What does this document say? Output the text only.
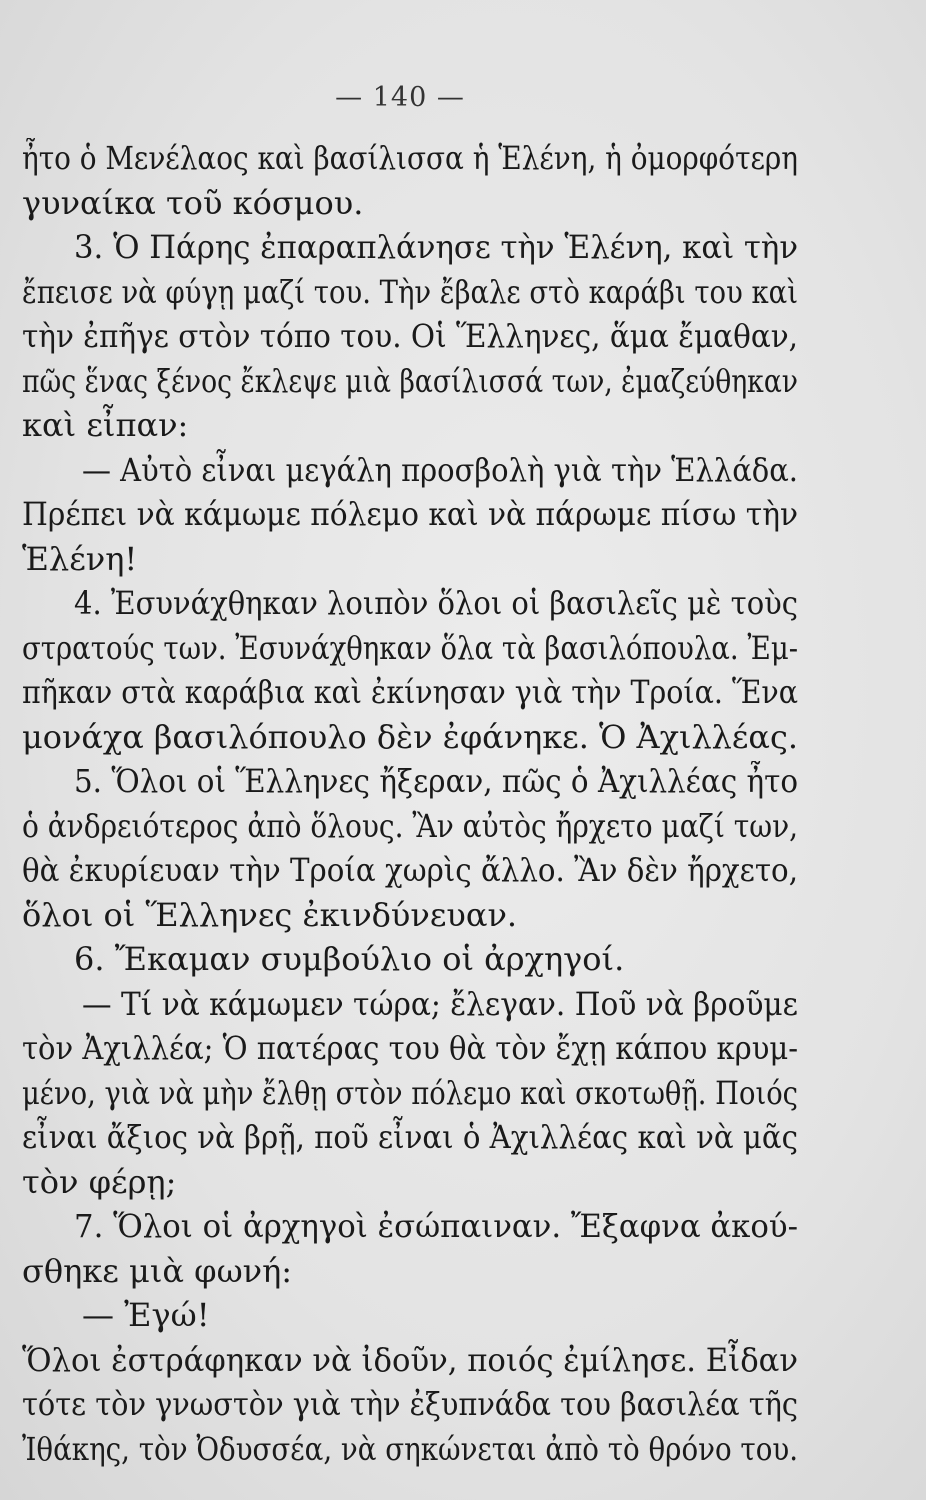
— 140 —
ἦτο ὁ Μενέλαος καὶ βασίλισσα ἡ Ἑλένη, ἡ ὀμορφότερη
γυναίκα τοῦ κόσμου.
3. Ὁ Πάρης ἐπαραπλάνησε τὴν Ἑλένη, καὶ τὴν
ἔπεισε νὰ φύγῃ μαζί του. Τὴν ἔβαλε στὸ καράβι του καὶ
τὴν ἐπῆγε στὸν τόπο του. Οἱ Ἕλληνες, ἅμα ἔμαθαν,
πῶς ἕνας ξένος ἔκλεψε μιὰ βασίλισσά των, ἐμαζεύθηκαν
καὶ εἶπαν:
— Αὐτὸ εἶναι μεγάλη προσβολὴ γιὰ τὴν Ἑλλάδα.
Πρέπει νὰ κάμωμε πόλεμο καὶ νὰ πάρωμε πίσω τὴν
Ἑλένη!
4. Ἐσυνάχθηκαν λοιπὸν ὅλοι οἱ βασιλεῖς μὲ τοὺς
στρατούς των. Ἐσυνάχθηκαν ὅλα τὰ βασιλόπουλα. Ἐμ-
πῆκαν στὰ καράβια καὶ ἐκίνησαν γιὰ τὴν Τροία. Ἕνα
μονάχα βασιλόπουλο δὲν ἐφάνηκε. Ὁ Ἀχιλλέας.
5. Ὅλοι οἱ Ἕλληνες ἤξεραν, πῶς ὁ Ἀχιλλέας ἦτο
ὁ ἀνδρειότερος ἀπὸ ὅλους. Ἂν αὐτὸς ἤρχετο μαζί των,
θὰ ἐκυρίευαν τὴν Τροία χωρὶς ἄλλο. Ἂν δὲν ἤρχετο,
ὅλοι οἱ Ἕλληνες ἐκινδύνευαν.
6. Ἔκαμαν συμβούλιο οἱ ἀρχηγοί.
— Τί νὰ κάμωμεν τώρα; ἔλεγαν. Ποῦ νὰ βροῦμε
τὸν Ἀχιλλέα; Ὁ πατέρας του θὰ τὸν ἔχῃ κάπου κρυμ-
μένο, γιὰ νὰ μὴν ἔλθῃ στὸν πόλεμο καὶ σκοτωθῇ. Ποιός
εἶναι ἄξιος νὰ βρῇ, ποῦ εἶναι ὁ Ἀχιλλέας καὶ νὰ μᾶς
τὸν φέρῃ;
7. Ὅλοι οἱ ἀρχηγοὶ ἐσώπαιναν. Ἔξαφνα ἀκού-
σθηκε μιὰ φωνή:
— Ἐγώ!
Ὅλοι ἐστράφηκαν νὰ ἰδοῦν, ποιός ἐμίλησε. Εἶδαν
τότε τὸν γνωστὸν γιὰ τὴν ἐξυπνάδα του βασιλέα τῆς
Ἰθάκης, τὸν Ὀδυσσέα, νὰ σηκώνεται ἀπὸ τὸ θρόνο του.
